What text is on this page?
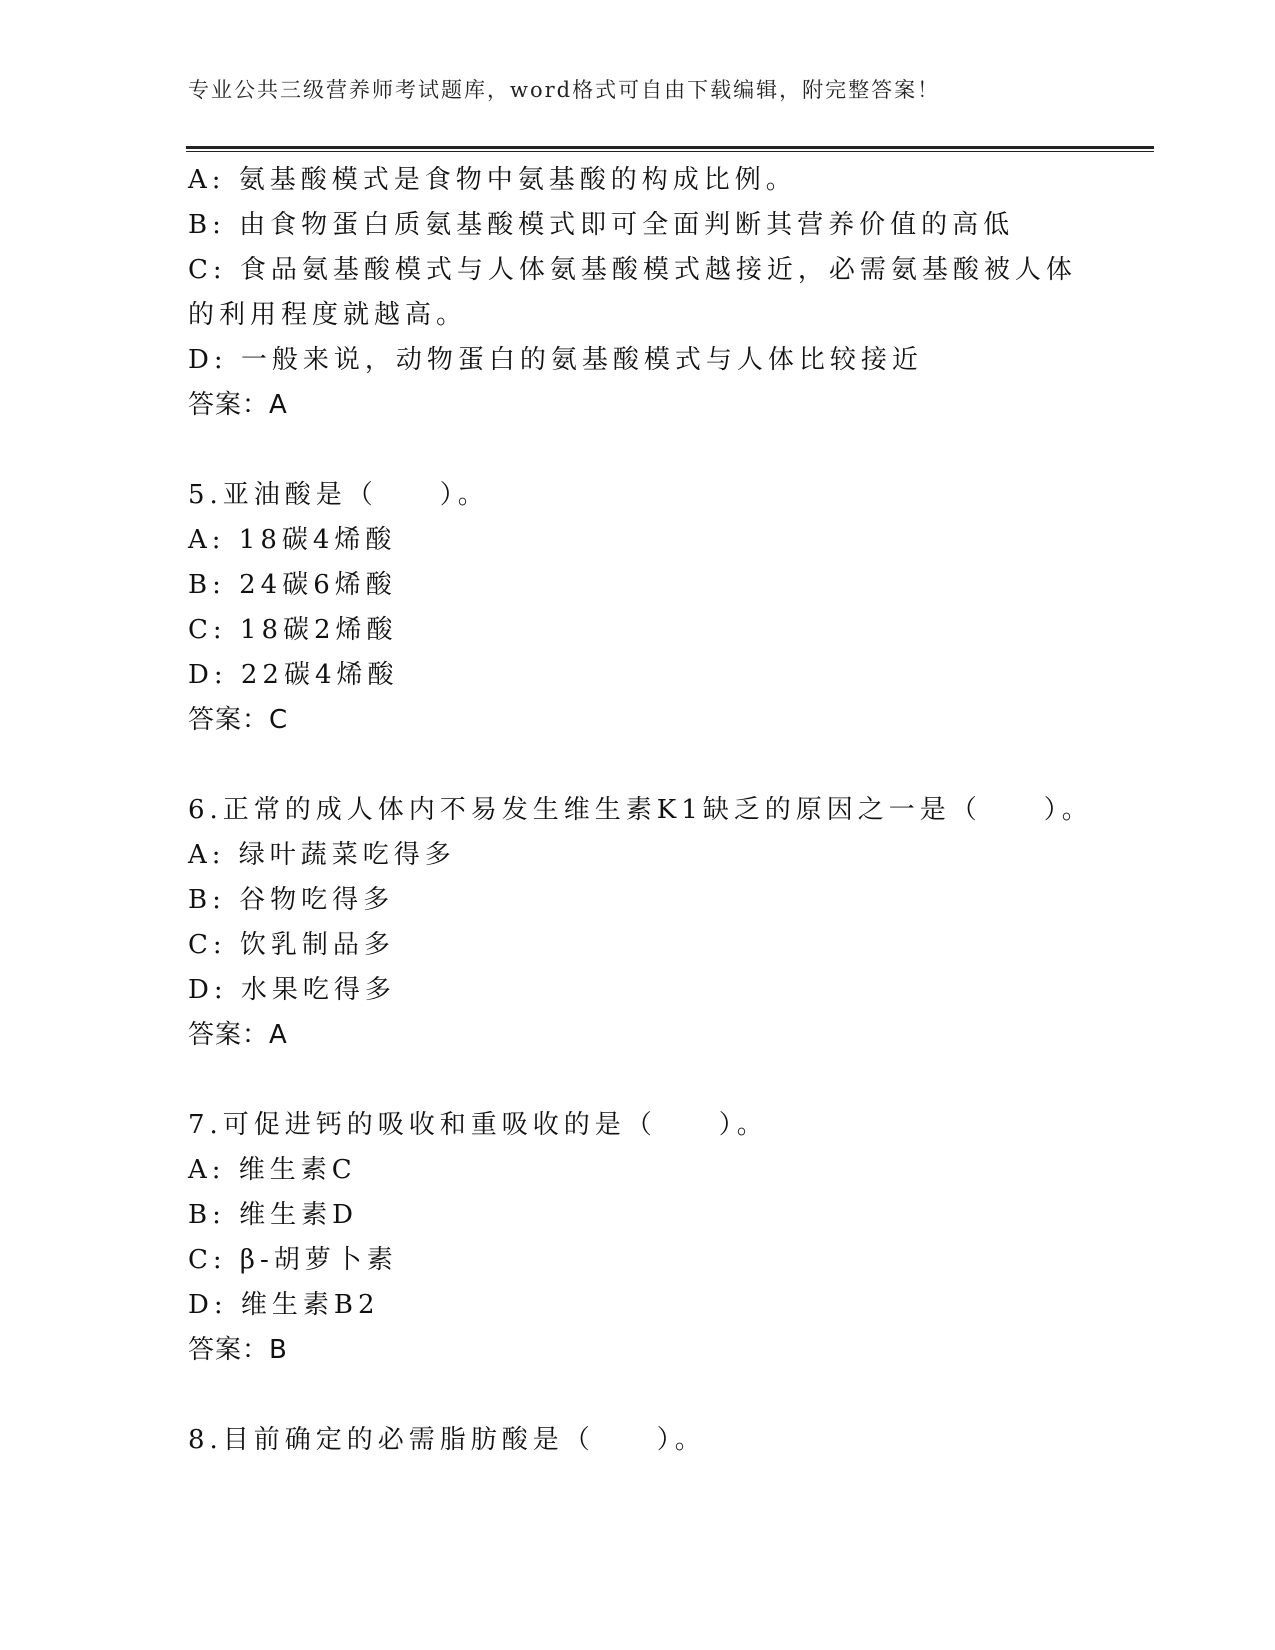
专业公共三级营养师考试题库，word格式可自由下载编辑，附完整答案！
A: 氨基酸模式是食物中氨基酸的构成比例。
B: 由食物蛋白质氨基酸模式即可全面判断其营养价值的高低
C: 食品氨基酸模式与人体氨基酸模式越接近，必需氨基酸被人体的利用程度就越高。
D: 一般来说，动物蛋白的氨基酸模式与人体比较接近
答案：A
5.亚油酸是（　　）。
A: 18碳4烯酸
B: 24碳6烯酸
C: 18碳2烯酸
D: 22碳4烯酸
答案：C
6.正常的成人体内不易发生维生素K1缺乏的原因之一是（　　）。
A: 绿叶蔬菜吃得多
B: 谷物吃得多
C: 饮乳制品多
D: 水果吃得多
答案：A
7.可促进钙的吸收和重吸收的是（　　）。
A: 维生素C
B: 维生素D
C: β-胡萝卜素
D: 维生素B2
答案：B
8.目前确定的必需脂肪酸是（　　）。
